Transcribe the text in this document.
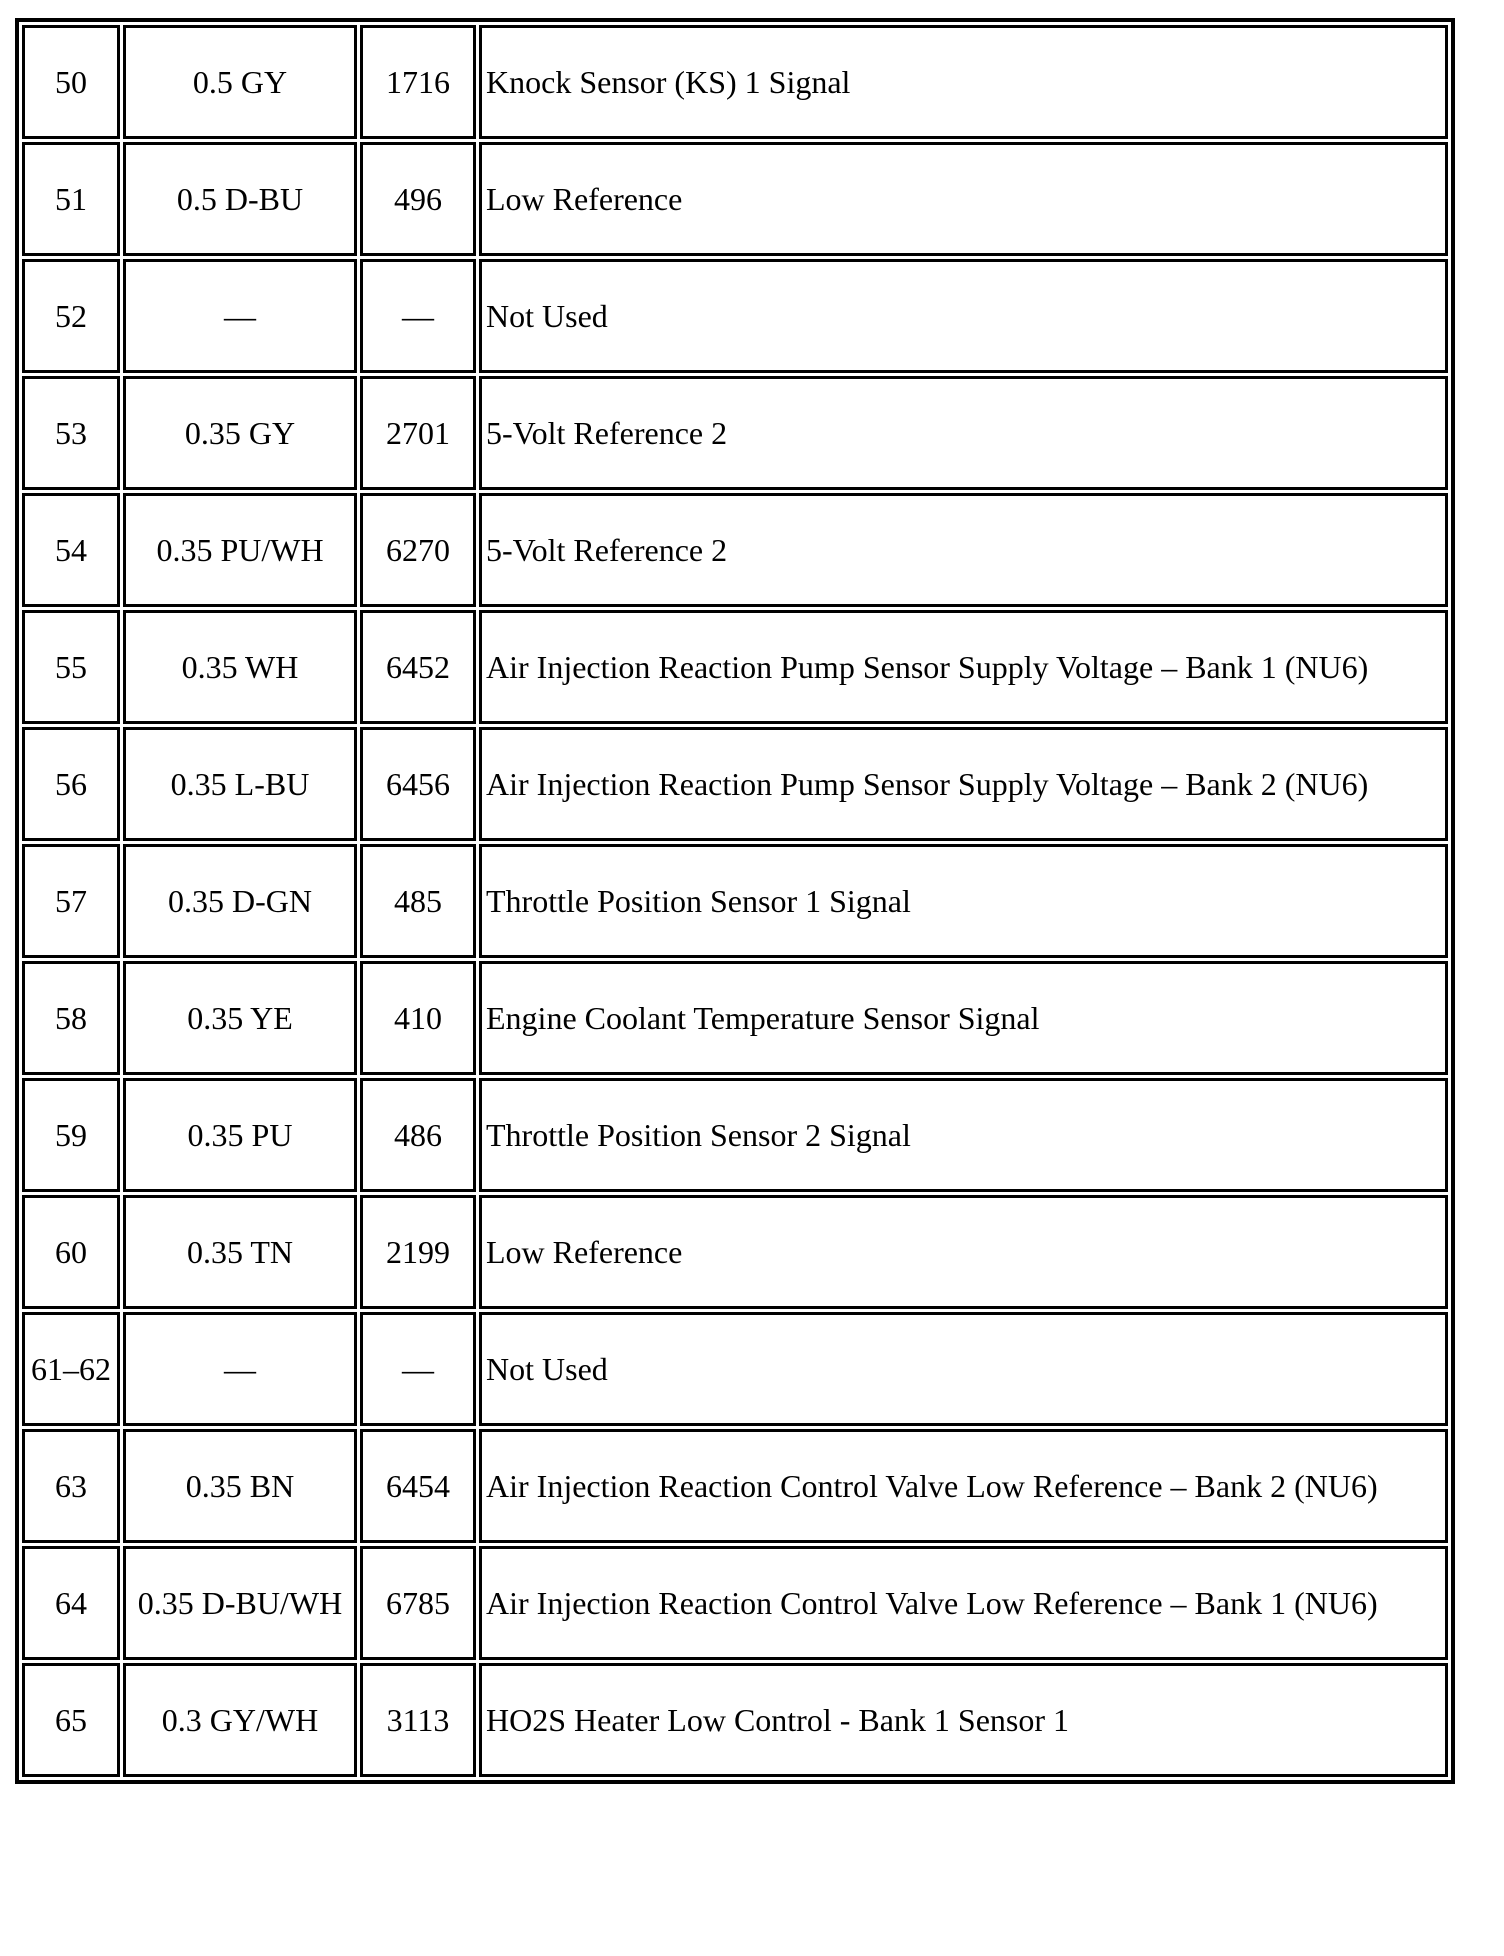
50	0.5 GY	1716	Knock Sensor (KS) 1 Signal
51	0.5 D-BU	496	Low Reference
52	—	—	Not Used
53	0.35 GY	2701	5-Volt Reference 2
54	0.35 PU/WH	6270	5-Volt Reference 2
55	0.35 WH	6452	Air Injection Reaction Pump Sensor Supply Voltage – Bank 1 (NU6)
56	0.35 L-BU	6456	Air Injection Reaction Pump Sensor Supply Voltage – Bank 2 (NU6)
57	0.35 D-GN	485	Throttle Position Sensor 1 Signal
58	0.35 YE	410	Engine Coolant Temperature Sensor Signal
59	0.35 PU	486	Throttle Position Sensor 2 Signal
60	0.35 TN	2199	Low Reference
61–62	—	—	Not Used
63	0.35 BN	6454	Air Injection Reaction Control Valve Low Reference – Bank 2 (NU6)
64	0.35 D-BU/WH	6785	Air Injection Reaction Control Valve Low Reference – Bank 1 (NU6)
65	0.3 GY/WH	3113	HO2S Heater Low Control - Bank 1 Sensor 1
